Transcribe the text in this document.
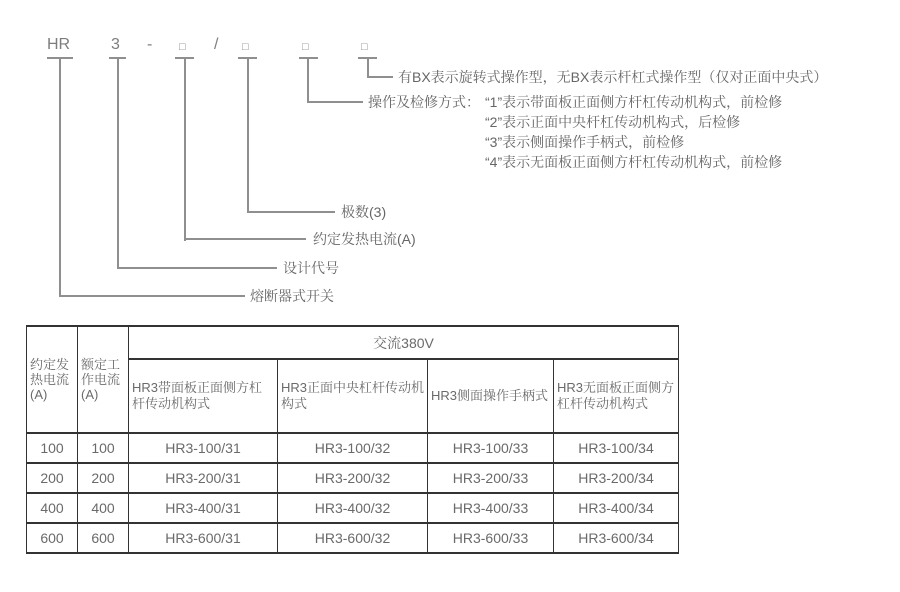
HR	3 - □ / □	□	□
有BX表示旋转式操作型，无BX表示杆杠式操作型（仅对正面中央式）
操作及检修方式： “1”表示带面板正面侧方杆杠传动机构式，前检修
“2”表示正面中央杆杠传动机构式，后检修
“3”表示侧面操作手柄式，前检修
“4”表示无面板正面侧方杆杠传动机构式，前检修
极数(3)
约定发热电流(A)
设计代号
熔断器式开关
约定发热电流(A)	额定工作电流(A)	交流380V			
		HR3带面板正面侧方杠杆传动机构式	HR3正面中央杠杆传动机构式	HR3侧面操作手柄式	HR3无面板正面侧方杠杆传动机构式
100	100	HR3-100/31	HR3-100/32	HR3-100/33	HR3-100/34
200	200	HR3-200/31	HR3-200/32	HR3-200/33	HR3-200/34
400	400	HR3-400/31	HR3-400/32	HR3-400/33	HR3-400/34
600	600	HR3-600/31	HR3-600/32	HR3-600/33	HR3-600/34
